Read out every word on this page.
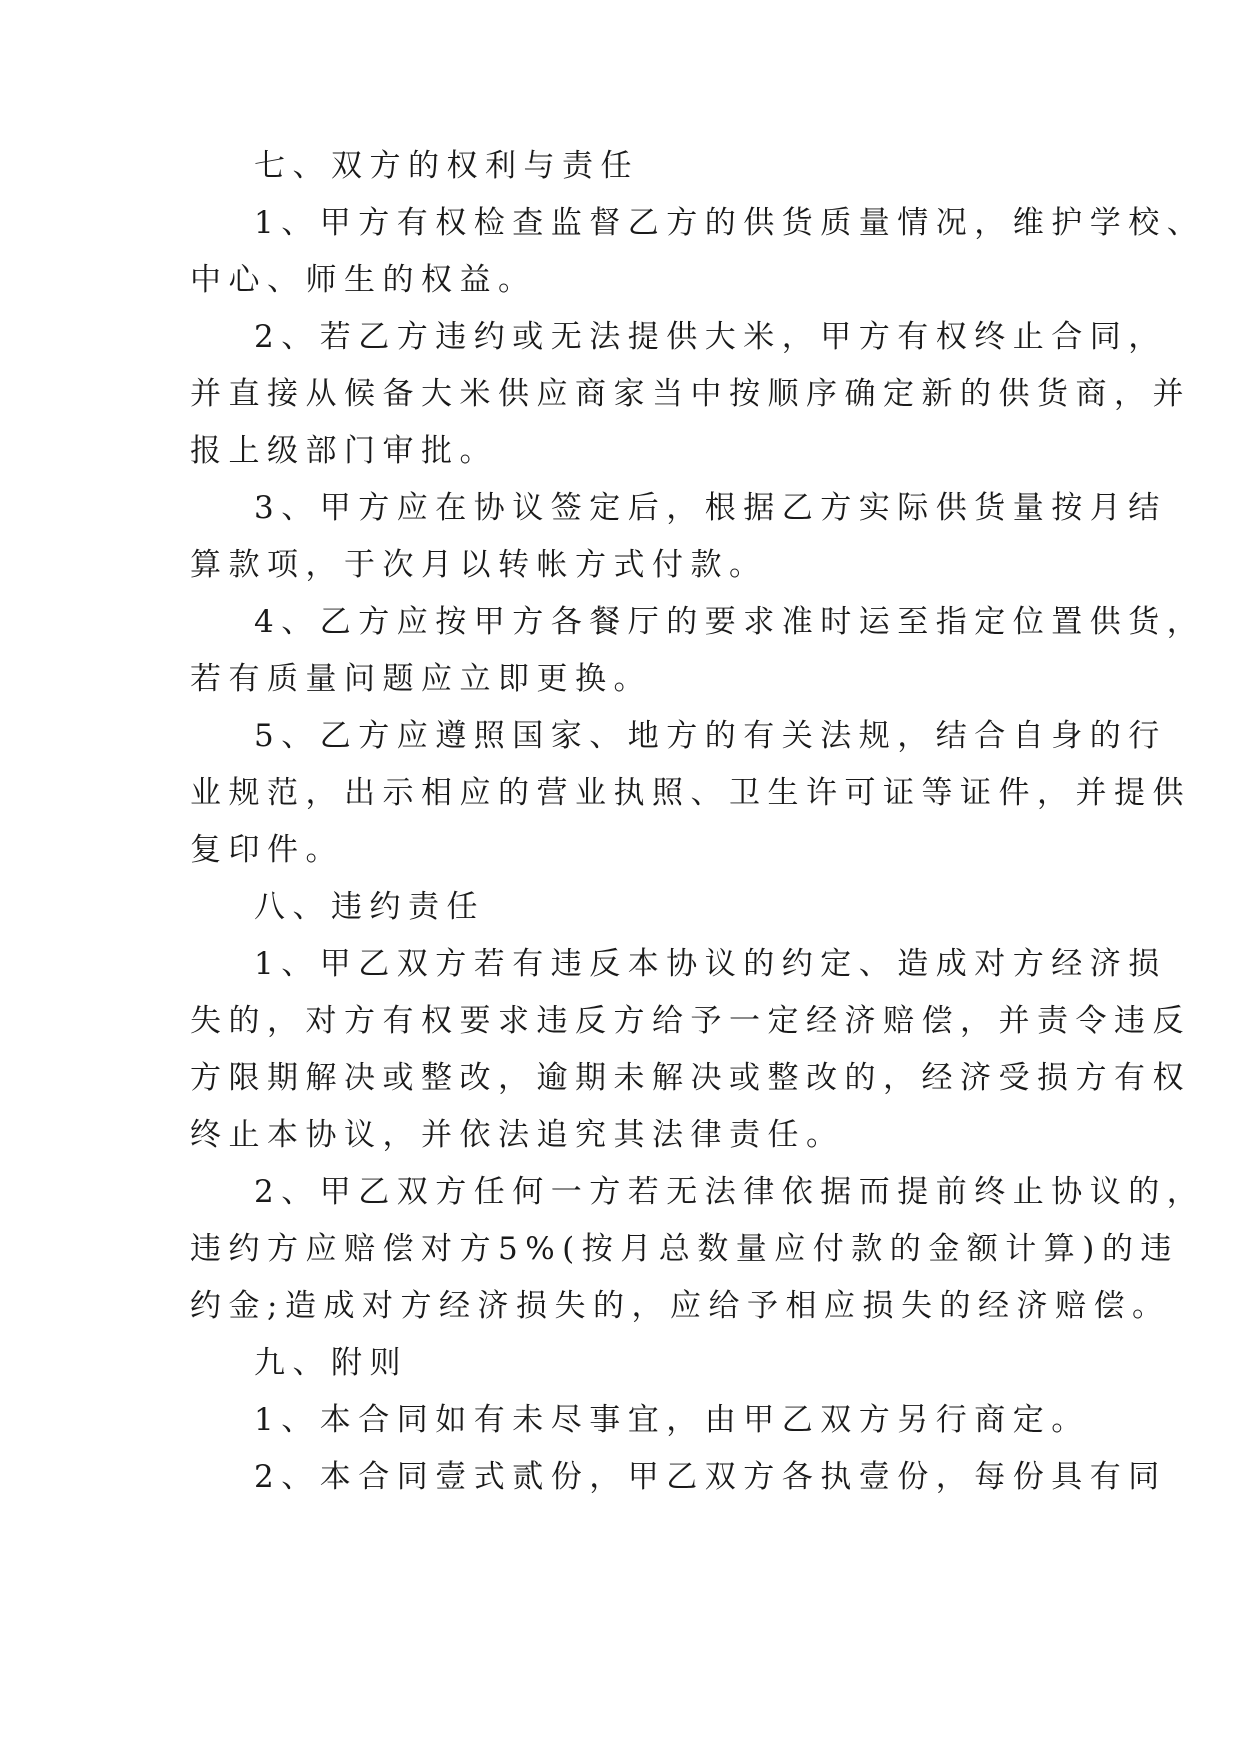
七、双方的权利与责任

1、甲方有权检查监督乙方的供货质量情况，维护学校、

中心、师生的权益。

2、若乙方违约或无法提供大米，甲方有权终止合同，

并直接从候备大米供应商家当中按顺序确定新的供货商，并

报上级部门审批。

3、甲方应在协议签定后，根据乙方实际供货量按月结

算款项，于次月以转帐方式付款。

4、乙方应按甲方各餐厅的要求准时运至指定位置供货，

若有质量问题应立即更换。

5、乙方应遵照国家、地方的有关法规，结合自身的行

业规范，出示相应的营业执照、卫生许可证等证件，并提供

复印件。

八、违约责任

1、甲乙双方若有违反本协议的约定、造成对方经济损

失的，对方有权要求违反方给予一定经济赔偿，并责令违反

方限期解决或整改，逾期未解决或整改的，经济受损方有权

终止本协议，并依法追究其法律责任。

2、甲乙双方任何一方若无法律依据而提前终止协议的，

违约方应赔偿对方5%(按月总数量应付款的金额计算)的违

约金;造成对方经济损失的，应给予相应损失的经济赔偿。

九、附则

1、本合同如有未尽事宜，由甲乙双方另行商定。

2、本合同壹式贰份，甲乙双方各执壹份，每份具有同
